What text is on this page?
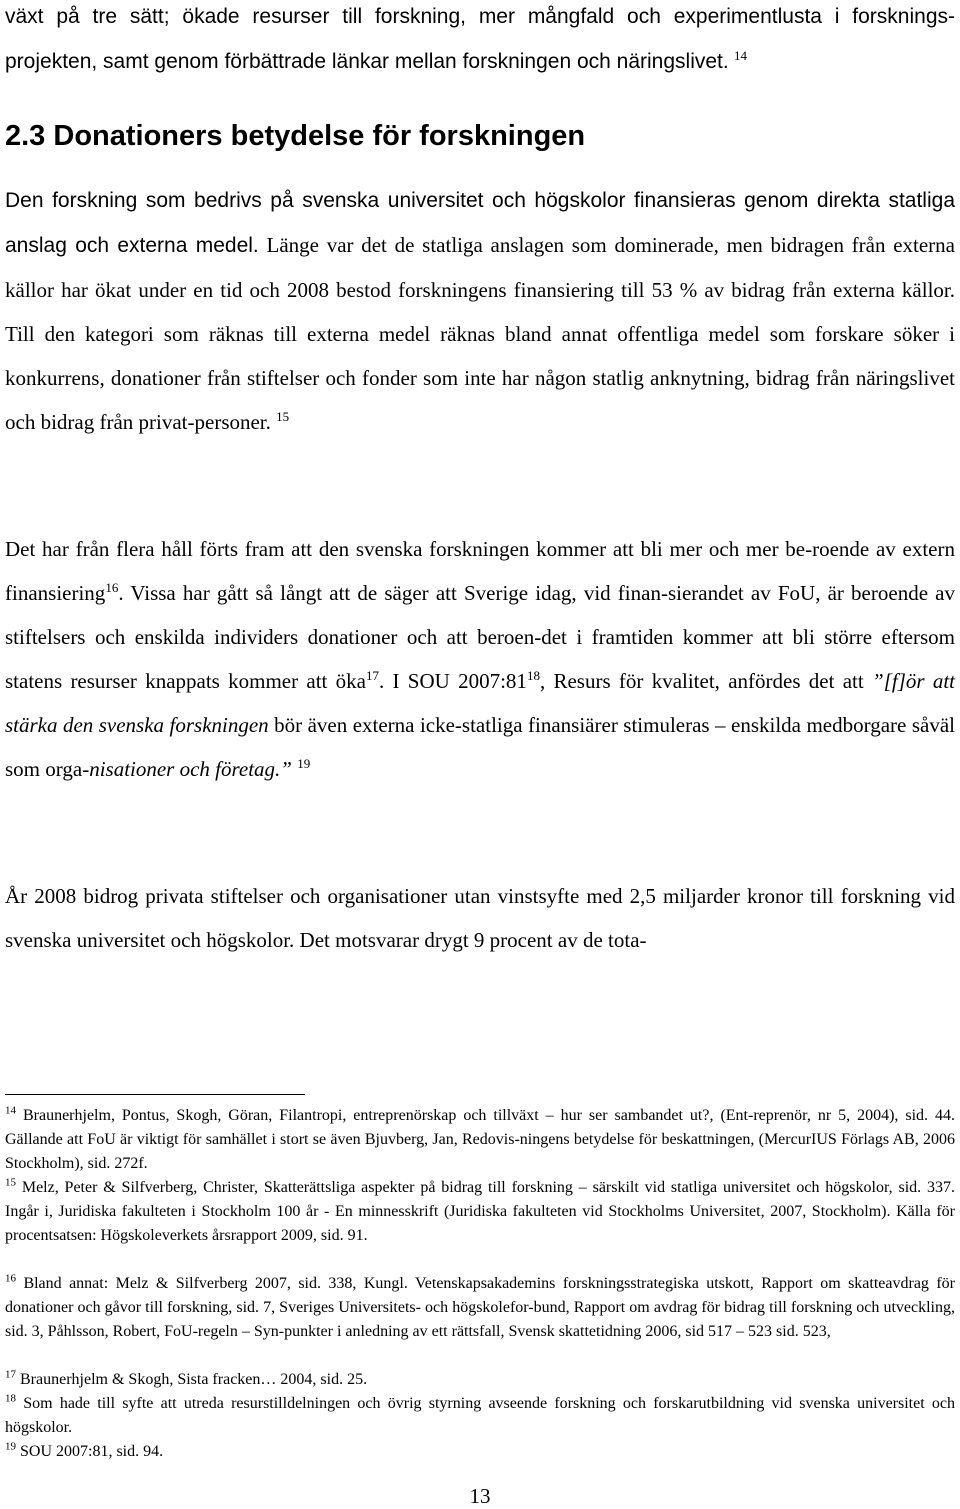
växt på tre sätt; ökade resurser till forskning, mer mångfald och experimentlusta i forsknings-projekten, samt genom förbättrade länkar mellan forskningen och näringslivet. $^{14}$

2.3 Donationers betydelse för forskningen

Den forskning som bedrivs på svenska universitet och högskolor finansieras genom direkta statliga anslag och externa medel. Länge var det de statliga anslagen som dominerade, men bidragen från externa källor har ökat under en tid och 2008 bestod forskningens finansiering till 53 % av bidrag från externa källor. Till den kategori som räknas till externa medel räknas bland annat offentliga medel som forskare söker i konkurrens, donationer från stiftelser och fonder som inte har någon statlig anknytning, bidrag från näringslivet och bidrag från privat-personer. $^{15}$

Det har från flera håll förts fram att den svenska forskningen kommer att bli mer och mer be-roende av extern finansiering$^{16}$. Vissa har gått så långt att de säger att Sverige idag, vid finan-sierandet av FoU, är beroende av stiftelsers och enskilda individers donationer och att beroen-det i framtiden kommer att bli större eftersom statens resurser knappats kommer att öka$^{17}$. I SOU $2007:81^{18}$, Resurs för kvalitet, anfördes det att ”[f]ör att stärka den svenska forskningen bör även externa icke-statliga finansiärer stimuleras – enskilda medborgare såväl som orga-nisationer och företag.” $^{19}$

År 2008 bidrog privata stiftelser och organisationer utan vinstsyfte med 2,5 miljarder kronor till forskning vid svenska universitet och högskolor. Det motsvarar drygt 9 procent av de tota-

$^{14}$ Braunerhjelm, Pontus, Skogh, Göran, Filantropi, entreprenörskap och tillväxt – hur ser sambandet ut?, (Ent-reprenör, nr 5, 2004), sid. 44. Gällande att FoU är viktigt för samhället i stort se även Bjuvberg, Jan, Redovis-ningens betydelse för beskattningen, (MercurIUS Förlags AB, 2006 Stockholm), sid. 272f.

$^{15}$ Melz, Peter & Silfverberg, Christer, Skatterättsliga aspekter på bidrag till forskning – särskilt vid statliga universitet och högskolor, sid. 337. Ingår i, Juridiska fakulteten i Stockholm 100 år - En minnesskrift (Juridiska fakulteten vid Stockholms Universitet, 2007, Stockholm). Källa för procentsatsen: Högskoleverkets årsrapport 2009, sid. 91.

$^{16}$ Bland annat: Melz & Silfverberg 2007, sid. 338, Kungl. Vetenskapsakademins forskningsstrategiska utskott, Rapport om skatteavdrag för donationer och gåvor till forskning, sid. 7, Sveriges Universitets- och högskolefor-bund, Rapport om avdrag för bidrag till forskning och utveckling, sid. 3, Påhlsson, Robert, FoU-regeln – Syn-punkter i anledning av ett rättsfall, Svensk skattetidning 2006, sid 517 – 523 sid. 523,

$^{17}$ Braunerhjelm & Skogh, Sista fracken… 2004, sid. 25.

$^{18}$ Som hade till syfte att utreda resurstilldelningen och övrig styrning avseende forskning och forskarutbildning vid svenska universitet och högskolor.

$^{19}$ SOU 2007:81, sid. 94.

13
